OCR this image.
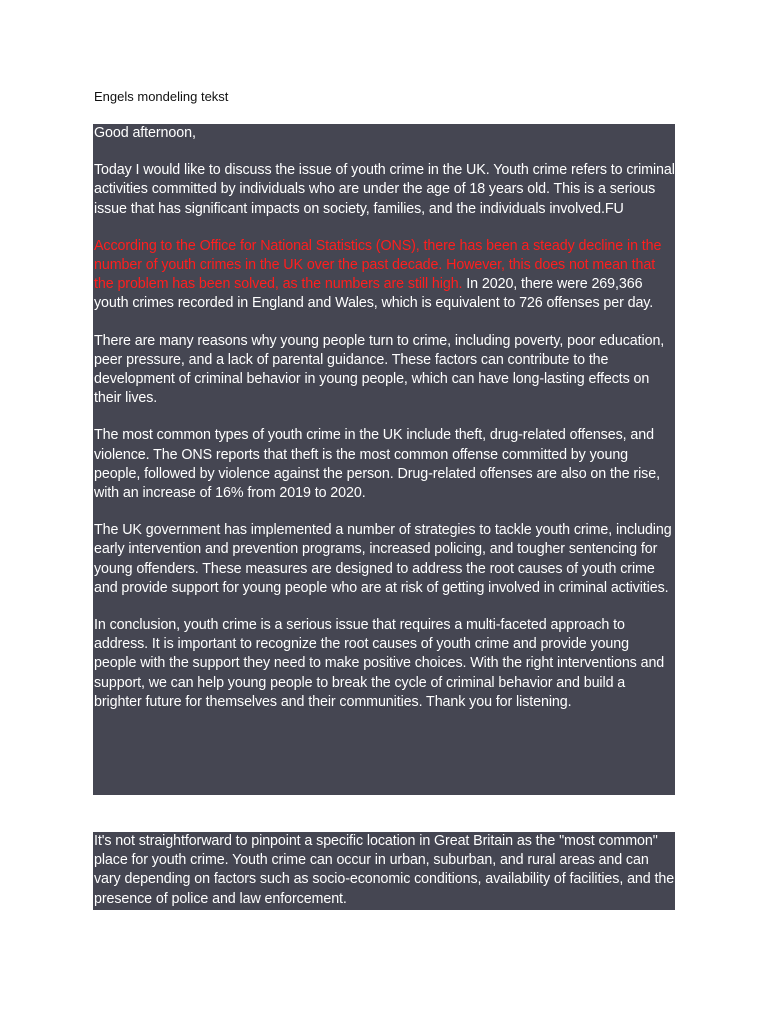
Engels mondeling tekst

Good afternoon,

Today I would like to discuss the issue of youth crime in the UK. Youth crime refers to criminal activities committed by individuals who are under the age of 18 years old. This is a serious issue that has significant impacts on society, families, and the individuals involved.FU

According to the Office for National Statistics (ONS), there has been a steady decline in the number of youth crimes in the UK over the past decade. However, this does not mean that the problem has been solved, as the numbers are still high. In 2020, there were 269,366 youth crimes recorded in England and Wales, which is equivalent to 726 offenses per day.

There are many reasons why young people turn to crime, including poverty, poor education, peer pressure, and a lack of parental guidance. These factors can contribute to the development of criminal behavior in young people, which can have long-lasting effects on their lives.

The most common types of youth crime in the UK include theft, drug-related offenses, and violence. The ONS reports that theft is the most common offense committed by young people, followed by violence against the person. Drug-related offenses are also on the rise, with an increase of 16% from 2019 to 2020.

The UK government has implemented a number of strategies to tackle youth crime, including early intervention and prevention programs, increased policing, and tougher sentencing for young offenders. These measures are designed to address the root causes of youth crime and provide support for young people who are at risk of getting involved in criminal activities.

In conclusion, youth crime is a serious issue that requires a multi-faceted approach to address. It is important to recognize the root causes of youth crime and provide young people with the support they need to make positive choices. With the right interventions and support, we can help young people to break the cycle of criminal behavior and build a brighter future for themselves and their communities. Thank you for listening.

It's not straightforward to pinpoint a specific location in Great Britain as the "most common" place for youth crime. Youth crime can occur in urban, suburban, and rural areas and can vary depending on factors such as socio-economic conditions, availability of facilities, and the presence of police and law enforcement.
